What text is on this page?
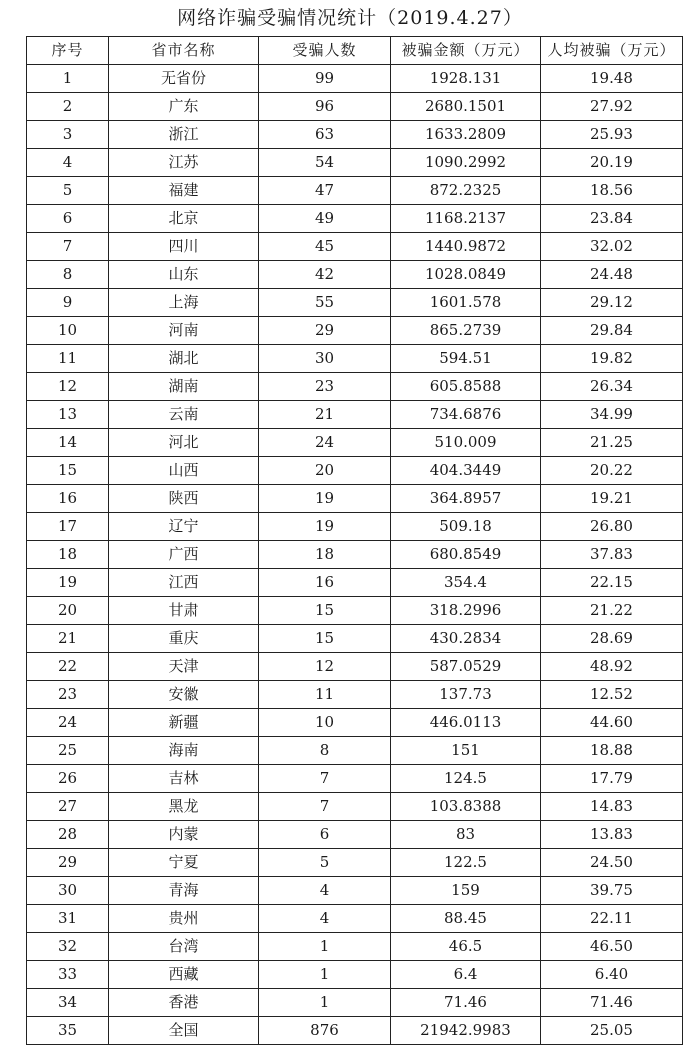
网络诈骗受骗情况统计（2019.4.27）
序号	省市名称	受骗人数	被骗金额（万元）	人均被骗（万元）
1	无省份	99	1928.131	19.48
2	广东	96	2680.1501	27.92
3	浙江	63	1633.2809	25.93
4	江苏	54	1090.2992	20.19
5	福建	47	872.2325	18.56
6	北京	49	1168.2137	23.84
7	四川	45	1440.9872	32.02
8	山东	42	1028.0849	24.48
9	上海	55	1601.578	29.12
10	河南	29	865.2739	29.84
11	湖北	30	594.51	19.82
12	湖南	23	605.8588	26.34
13	云南	21	734.6876	34.99
14	河北	24	510.009	21.25
15	山西	20	404.3449	20.22
16	陕西	19	364.8957	19.21
17	辽宁	19	509.18	26.80
18	广西	18	680.8549	37.83
19	江西	16	354.4	22.15
20	甘肃	15	318.2996	21.22
21	重庆	15	430.2834	28.69
22	天津	12	587.0529	48.92
23	安徽	11	137.73	12.52
24	新疆	10	446.0113	44.60
25	海南	8	151	18.88
26	吉林	7	124.5	17.79
27	黑龙	7	103.8388	14.83
28	内蒙	6	83	13.83
29	宁夏	5	122.5	24.50
30	青海	4	159	39.75
31	贵州	4	88.45	22.11
32	台湾	1	46.5	46.50
33	西藏	1	6.4	6.40
34	香港	1	71.46	71.46
35	全国	876	21942.9983	25.05
